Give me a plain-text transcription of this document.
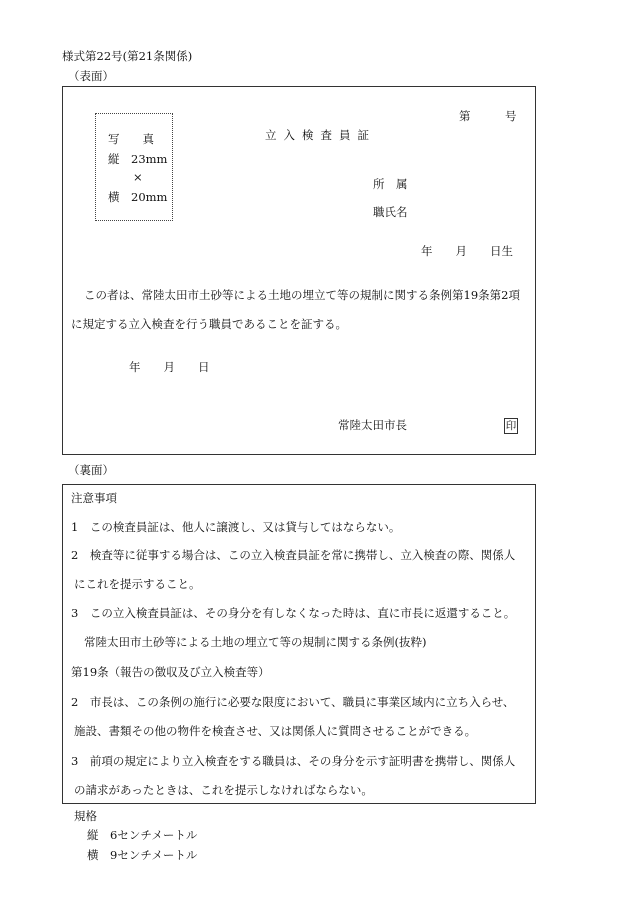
様式第22号(第21条関係)
（表面）
写　　真
縦　23mm
×
横　20mm
第　　　号
立入検査員証
所　属
職氏名
年　　月　　日生
この者は、常陸太田市土砂等による土地の埋立て等の規制に関する条例第19条第2項
に規定する立入検査を行う職員であることを証する。
年　　月　　日
常陸太田市長	印
（裏面）
注意事項
1　この検査員証は、他人に譲渡し、又は貸与してはならない。
2　検査等に従事する場合は、この立入検査員証を常に携帯し、立入検査の際、関係人
にこれを提示すること。
3　この立入検査員証は、その身分を有しなくなった時は、直に市長に返還すること。
常陸太田市土砂等による土地の埋立て等の規制に関する条例(抜粋)
第19条（報告の徴収及び立入検査等）
2　市長は、この条例の施行に必要な限度において、職員に事業区域内に立ち入らせ、
施設、書類その他の物件を検査させ、又は関係人に質問させることができる。
3　前項の規定により立入検査をする職員は、その身分を示す証明書を携帯し、関係人
の請求があったときは、これを提示しなければならない。
規格
縦　6センチメートル
横　9センチメートル
